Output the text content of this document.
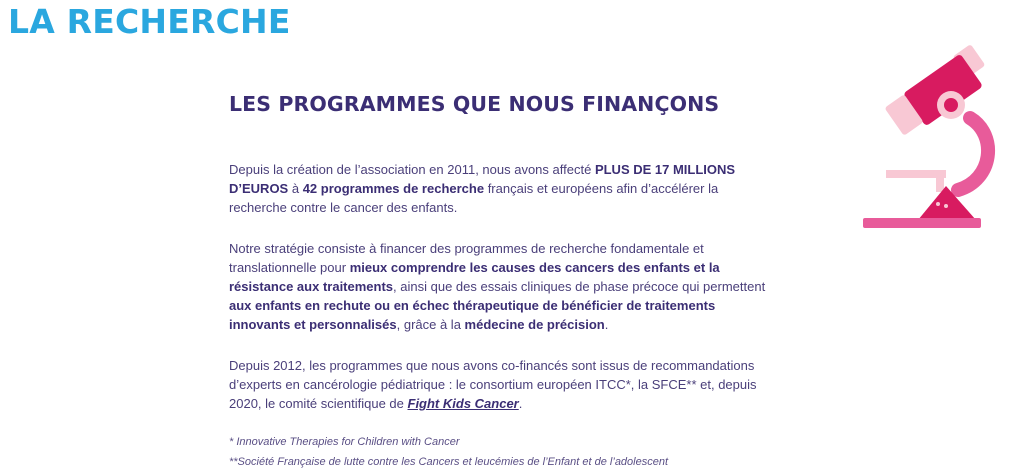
LA RECHERCHE
LES PROGRAMMES QUE NOUS FINANÇONS

Depuis la création de l’association en 2011, nous avons affecté PLUS DE 17 MILLIONS D’EUROS à 42 programmes de recherche français et européens afin d’accélérer la recherche contre le cancer des enfants.

Notre stratégie consiste à financer des programmes de recherche fondamentale et translationnelle pour mieux comprendre les causes des cancers des enfants et la résistance aux traitements, ainsi que des essais cliniques de phase précoce qui permettent aux enfants en rechute ou en échec thérapeutique de bénéficier de traitements innovants et personnalisés, grâce à la médecine de précision.

Depuis 2012, les programmes que nous avons co-financés sont issus de recommandations d’experts en cancérologie pédiatrique : le consortium européen ITCC*, la SFCE** et, depuis 2020, le comité scientifique de Fight Kids Cancer.

* Innovative Therapies for Children with Cancer

**Société Française de lutte contre les Cancers et leucémies de l’Enfant et de l’adolescent
